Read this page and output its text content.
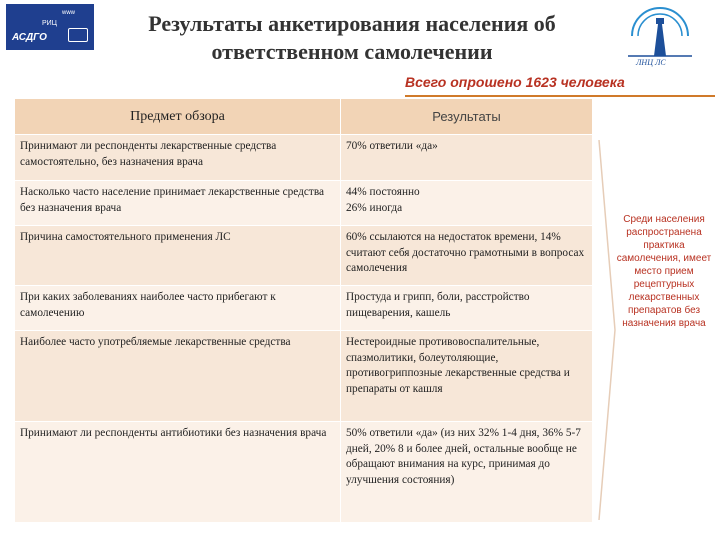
www
РИЦ
АСДГО
Результаты анкетирования населения об ответственном самолечении	ЛНЦ ЛС
Всего опрошено 1623 человека
Предмет обзора	Результаты
Принимают ли респонденты лекарственные средства самостоятельно, без назначения врача	70% ответили «да»
Насколько часто население принимает лекарственные средства без назначения врача	44% постоянно
26% иногда
Причина самостоятельного применения ЛС	60% ссылаются на недостаток времени, 14% считают себя достаточно грамотными в вопросах самолечения
При каких заболеваниях наиболее часто прибегают к самолечению	Простуда и грипп, боли, расстройство пищеварения, кашель
Наиболее часто употребляемые лекарственные средства	Нестероидные противовоспалительные, спазмолитики, болеутоляющие, противогриппозные лекарственные средства и препараты от кашля
Принимают ли респонденты антибиотики без назначения врача	50% ответили «да» (из них 32% 1-4 дня, 36% 5-7 дней, 20% 8 и более дней, остальные вообще не обращают внимания на курс, принимая до улучшения состояния)
Среди населения распространена практика самолечения, имеет место прием рецептурных лекарственных препаратов без назначения врача
